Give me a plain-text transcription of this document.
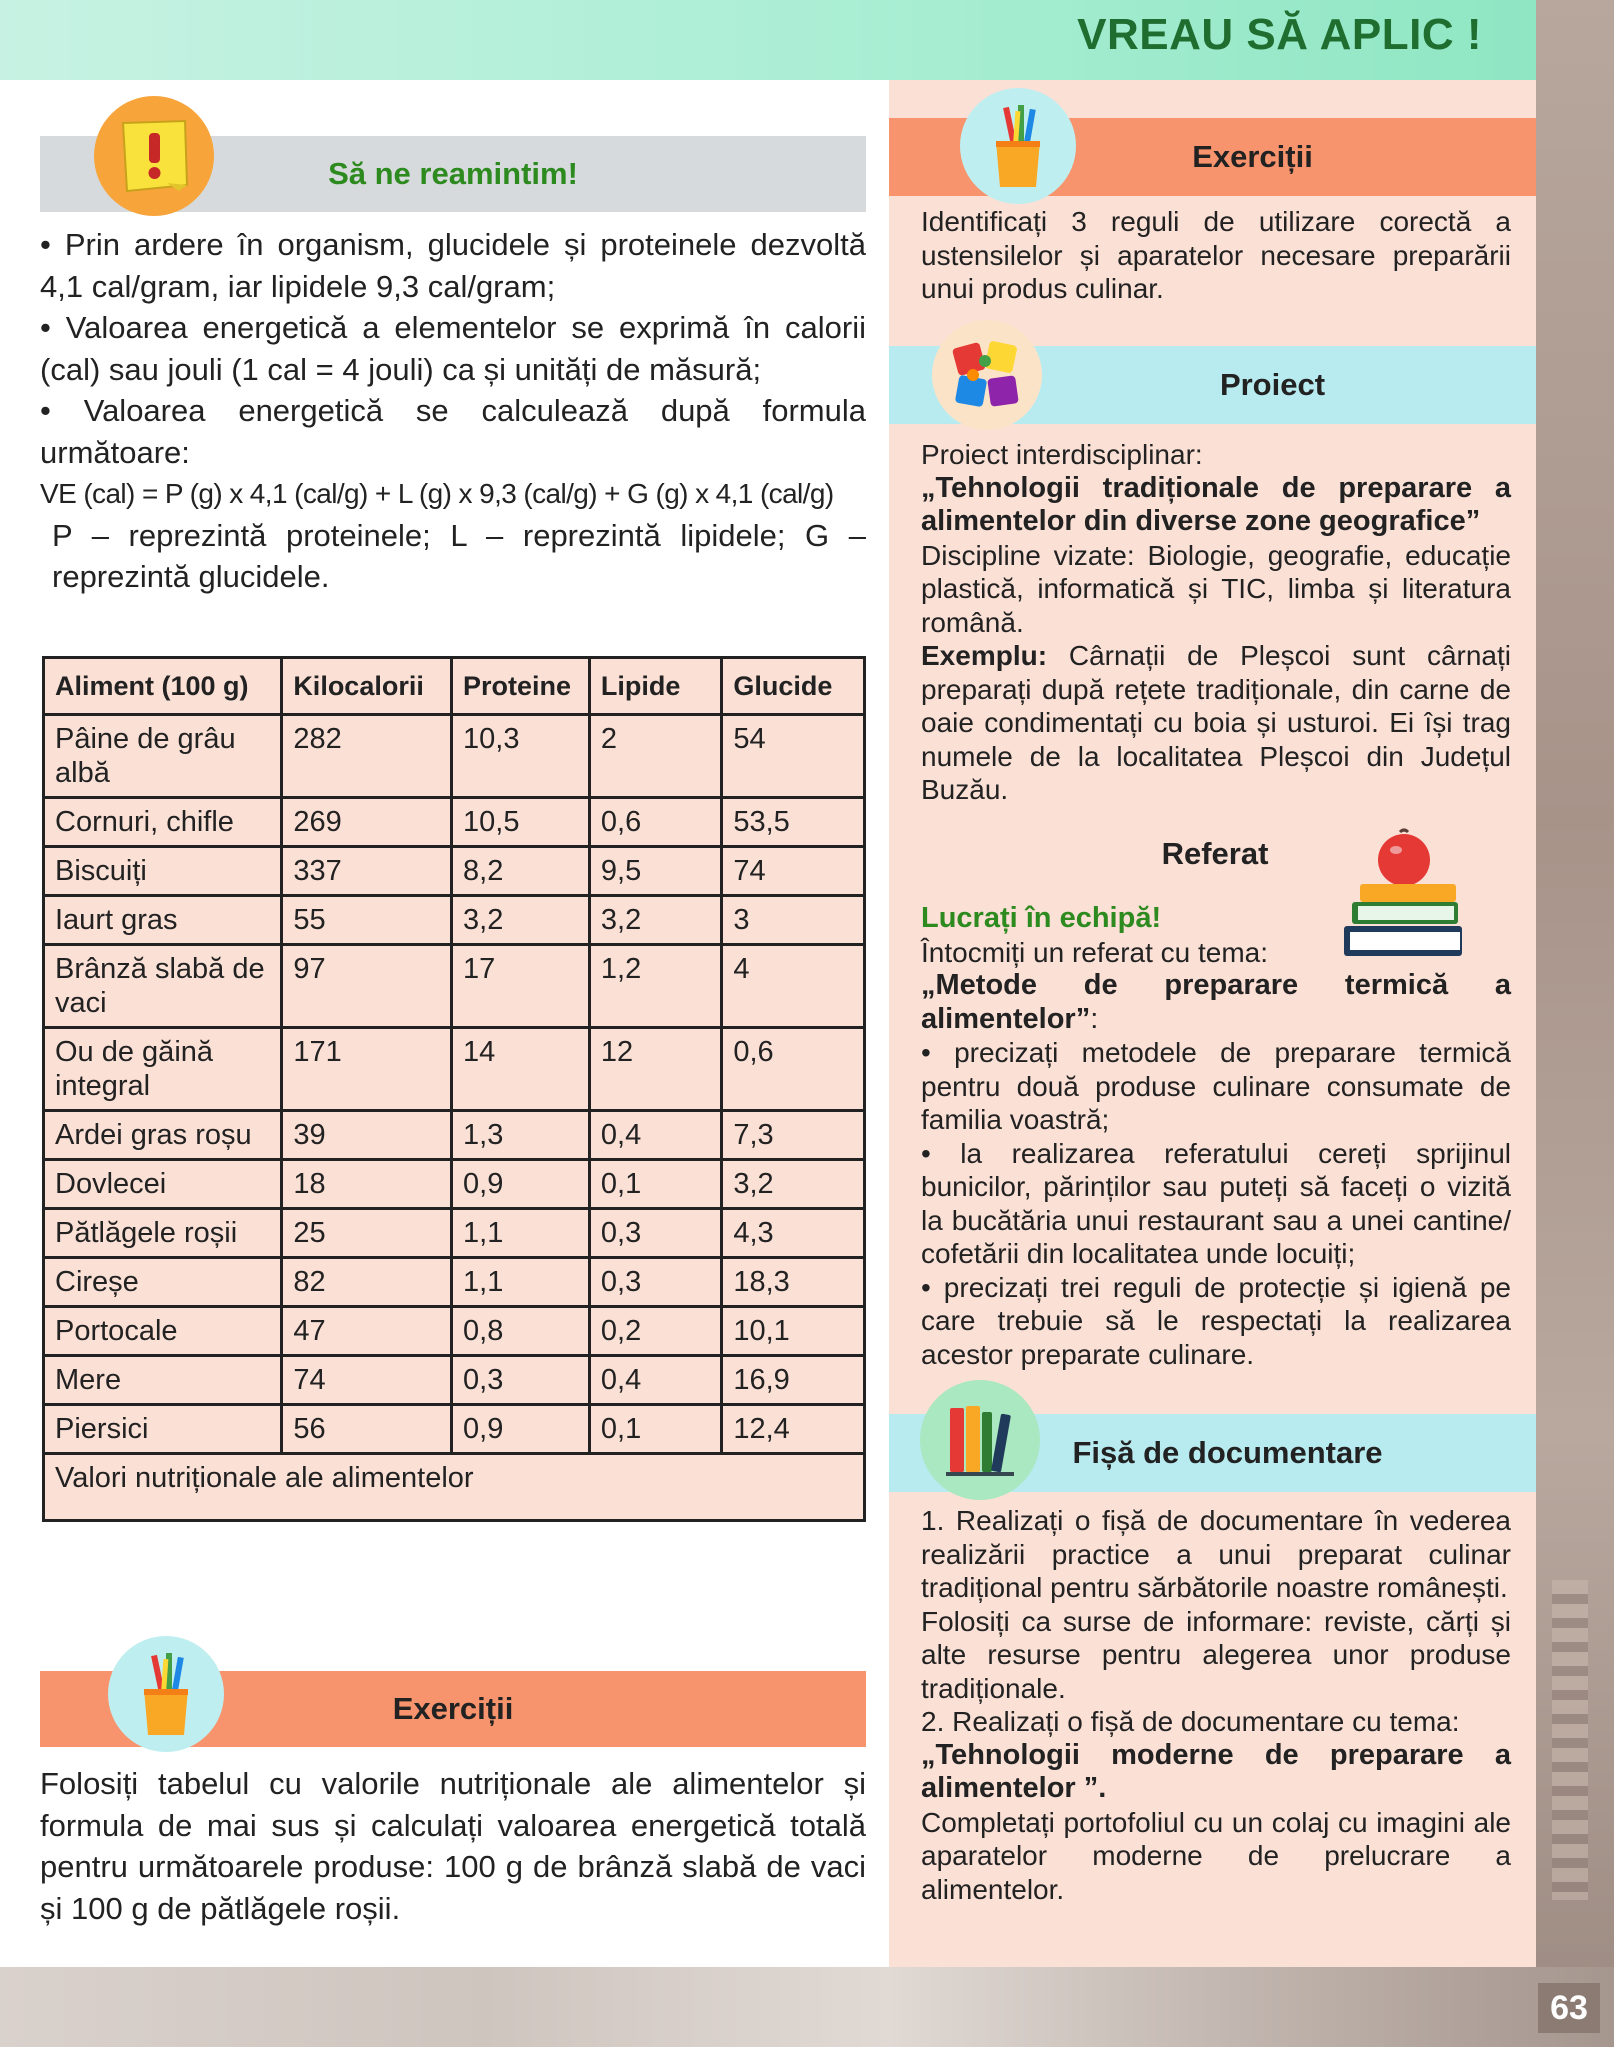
VREAU SĂ APLIC !
63
Să ne reamintim!
• Prin ardere în organism, glucidele și proteinele dezvoltă 4,1 cal/gram, iar lipidele 9,3 cal/gram;
• Valoarea energetică a elementelor se exprimă în calorii (cal) sau jouli (1 cal = 4 jouli) ca și unități de măsură;
• Valoarea energetică se calculează după formula următoare:
VE (cal) = P (g) x 4,1 (cal/g) + L (g) x 9,3 (cal/g) + G (g) x 4,1 (cal/g)
P – reprezintă proteinele; L – reprezintă lipidele; G – reprezintă glucidele.
Aliment (100 g)	Kilocalorii	Proteine	Lipide	Glucide
Pâine de grâu albă	282	10,3	2	54
Cornuri, chifle	269	10,5	0,6	53,5
Biscuiți	337	8,2	9,5	74
Iaurt gras	55	3,2	3,2	3
Brânză slabă de vaci	97	17	1,2	4
Ou de găină integral	171	14	12	0,6
Ardei gras roșu	39	1,3	0,4	7,3
Dovlecei	18	0,9	0,1	3,2
Pătlăgele roșii	25	1,1	0,3	4,3
Cireșe	82	1,1	0,3	18,3
Portocale	47	0,8	0,2	10,1
Mere	74	0,3	0,4	16,9
Piersici	56	0,9	0,1	12,4
Valori nutriționale ale alimentelor				
Exerciții
Folosiți tabelul cu valorile nutriționale ale alimentelor și formula de mai sus și calculați valoarea energetică totală pentru următoarele produse: 100 g de brânză slabă de vaci și 100 g de pătlăgele roșii.
Exerciții
Identificați 3 reguli de utilizare corectă a ustensilelor și aparatelor necesare preparării unui produs culinar.
Proiect

Proiect interdisciplinar:

„Tehnologii tradiționale de preparare a alimentelor din diverse zone geografice”

Discipline vizate: Biologie, geografie, educație plastică, informatică și TIC, limba și literatura română.

Exemplu: Cârnații de Pleșcoi sunt cârnați preparați după rețete tradiționale, din carne de oaie condimentați cu boia și usturoi. Ei își trag numele de la localitatea Pleșcoi din Județul Buzău.

Referat

Lucrați în echipă!

Întocmiți un referat cu tema:

„Metode de preparare termică a alimentelor”:

• precizați metodele de preparare termică pentru două produse culinare consumate de familia voastră;

• la realizarea referatului cereți sprijinul bunicilor, părinților sau puteți să faceți o vizită la bucătăria unui restaurant sau a unei cantine/ cofetării din localitatea unde locuiți;

• precizați trei reguli de protecție și igienă pe care trebuie să le respectați la realizarea acestor preparate culinare.

Fișă de documentare

1. Realizați o fișă de documentare în vederea realizării practice a unui preparat culinar tradițional pentru sărbătorile noastre românești.

Folosiți ca surse de informare: reviste, cărți și alte resurse pentru alegerea unor produse tradiționale.

2. Realizați o fișă de documentare cu tema:

„Tehnologii moderne de preparare a alimentelor ”.

Completați portofoliul cu un colaj cu imagini ale aparatelor moderne de prelucrare a alimentelor.
